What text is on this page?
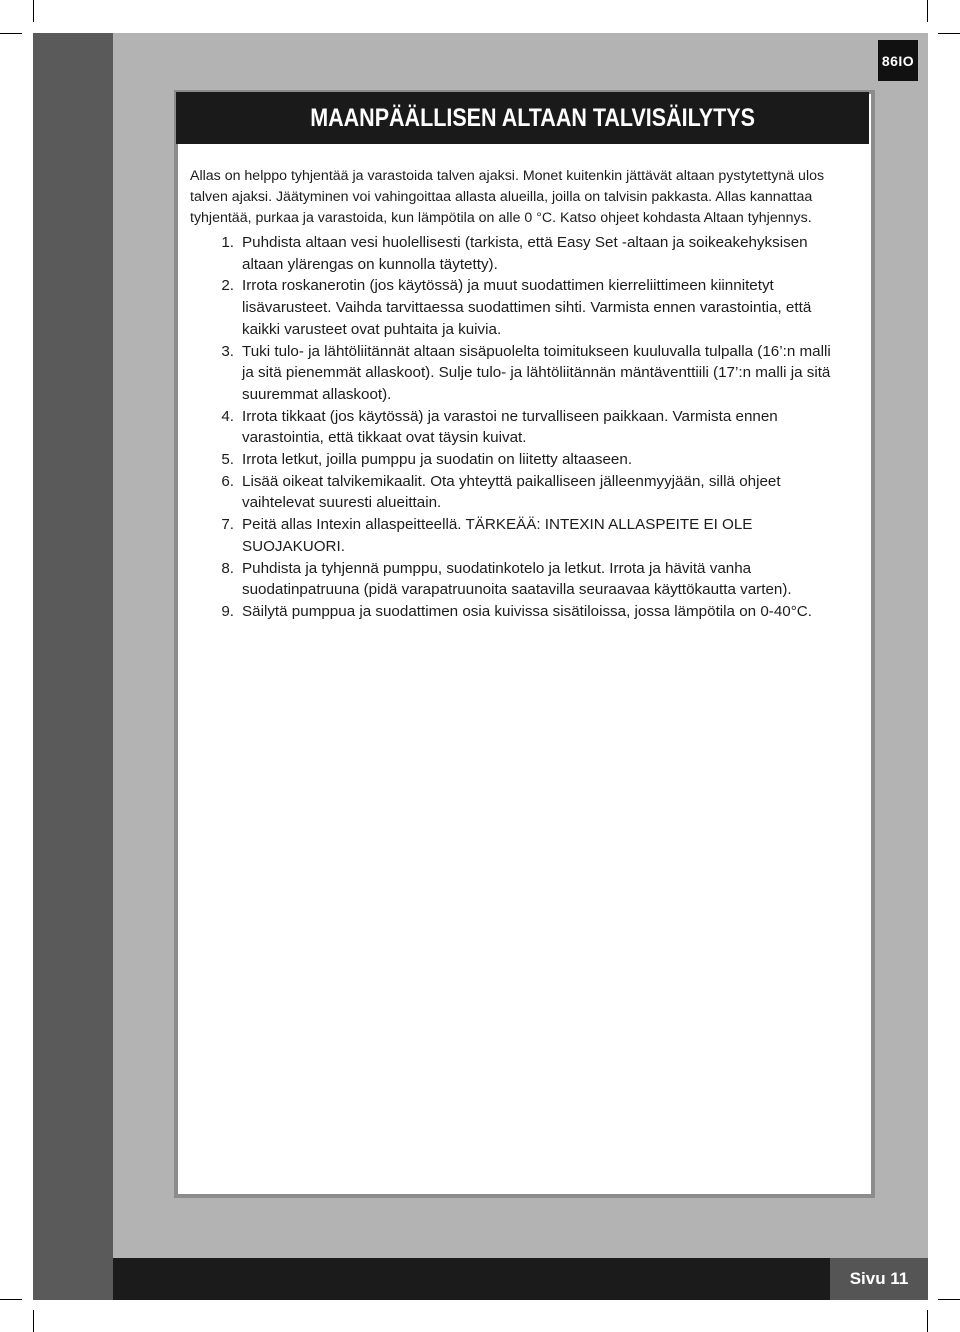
Sivu 11
86IO
MAANPÄÄLLISEN ALTAAN TALVISÄILYTYS

Allas on helppo tyhjentää ja varastoida talven ajaksi. Monet kuitenkin jättävät altaan pystytettynä ulos talven ajaksi. Jäätyminen voi vahingoittaa allasta alueilla, joilla on talvisin pakkasta. Allas kannattaa tyhjentää, purkaa ja varastoida, kun lämpötila on alle 0 °C. Katso ohjeet kohdasta Altaan tyhjennys.

1. Puhdista altaan vesi huolellisesti (tarkista, että Easy Set -altaan ja soikeakehyksisen altaan ylärengas on kunnolla täytetty).
2. Irrota roskanerotin (jos käytössä) ja muut suodattimen kierreliittimeen kiinnitetyt lisävarusteet. Vaihda tarvittaessa suodattimen sihti. Varmista ennen varastointia, että kaikki varusteet ovat puhtaita ja kuivia.
3. Tuki tulo- ja lähtöliitännät altaan sisäpuolelta toimitukseen kuuluvalla tulpalla (16’:n malli ja sitä pienemmät allaskoot). Sulje tulo- ja lähtöliitännän mäntäventtiili (17’:n malli ja sitä suuremmat allaskoot).
4. Irrota tikkaat (jos käytössä) ja varastoi ne turvalliseen paikkaan. Varmista ennen varastointia, että tikkaat ovat täysin kuivat.
5. Irrota letkut, joilla pumppu ja suodatin on liitetty altaaseen.
6. Lisää oikeat talvikemikaalit. Ota yhteyttä paikalliseen jälleenmyyjään, sillä ohjeet vaihtelevat suuresti alueittain.
7. Peitä allas Intexin allaspeitteellä. TÄRKEÄÄ: INTEXIN ALLASPEITE EI OLE SUOJAKUORI.
8. Puhdista ja tyhjennä pumppu, suodatinkotelo ja letkut. Irrota ja hävitä vanha suodatinpatruuna (pidä varapatruunoita saatavilla seuraavaa käyttökautta varten).
9. Säilytä pumppua ja suodattimen osia kuivissa sisätiloissa, jossa lämpötila on 0-40°C.
